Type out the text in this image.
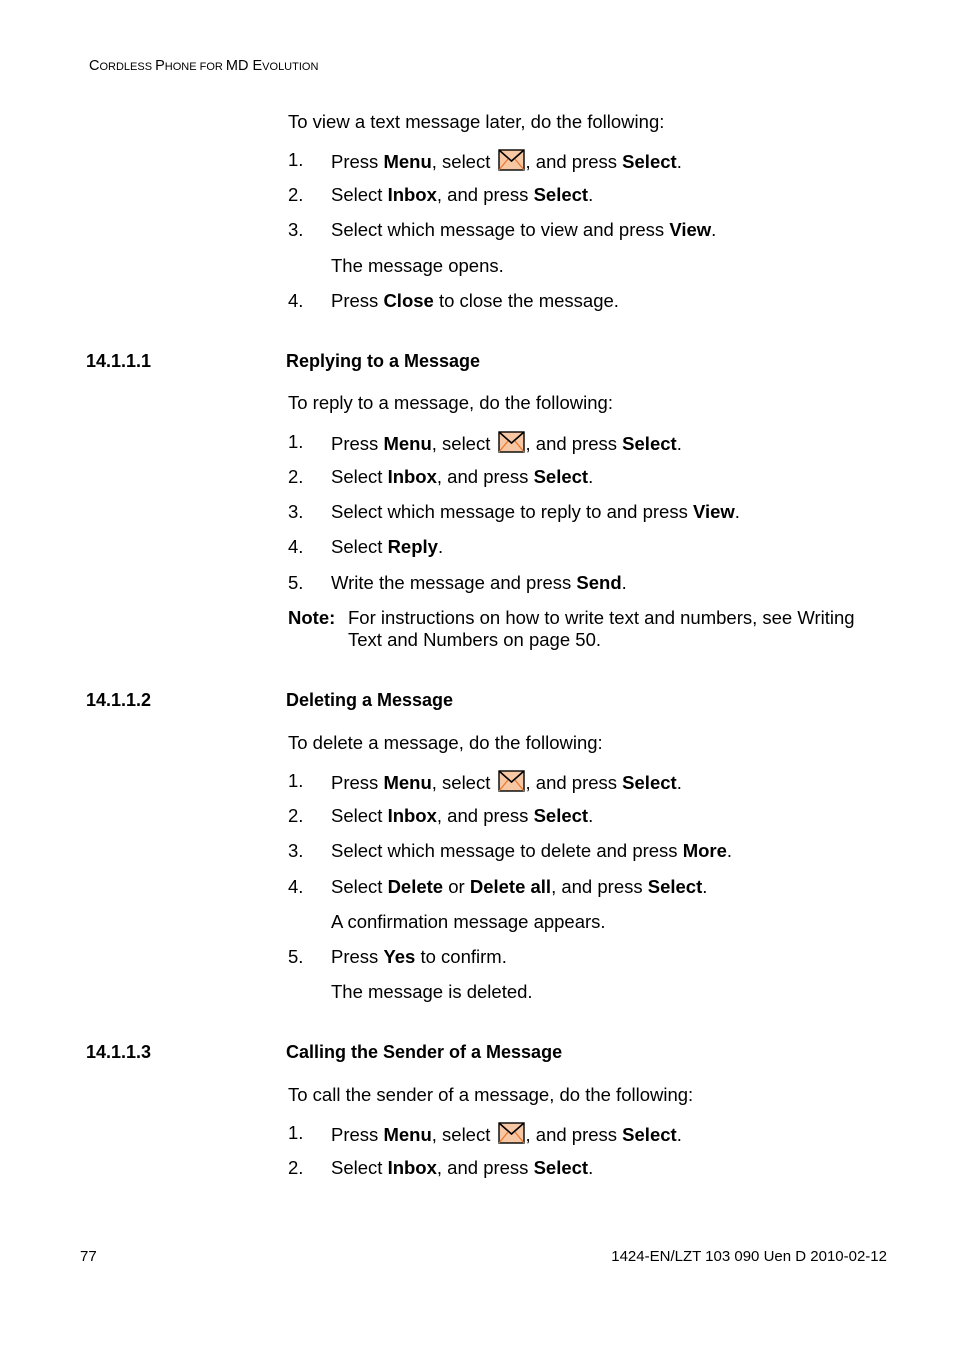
CORDLESS PHONE FOR MD EVOLUTION
To view a text message later, do the following:
1. Press Menu, select , and press Select.
2. Select Inbox, and press Select.
3. Select which message to view and press View.
The message opens.
4. Press Close to close the message.
14.1.1.1	Replying to a Message
To reply to a message, do the following:
1. Press Menu, select , and press Select.
2. Select Inbox, and press Select.
3. Select which message to reply to and press View.
4. Select Reply.
5. Write the message and press Send.
Note: For instructions on how to write text and numbers, see Writing Text and Numbers on page 50.
14.1.1.2	Deleting a Message
To delete a message, do the following:
1. Press Menu, select , and press Select.
2. Select Inbox, and press Select.
3. Select which message to delete and press More.
4. Select Delete or Delete all, and press Select.
A confirmation message appears.
5. Press Yes to confirm.
The message is deleted.
14.1.1.3	Calling the Sender of a Message
To call the sender of a message, do the following:
1. Press Menu, select , and press Select.
2. Select Inbox, and press Select.
77	1424-EN/LZT 103 090 Uen D 2010-02-12
